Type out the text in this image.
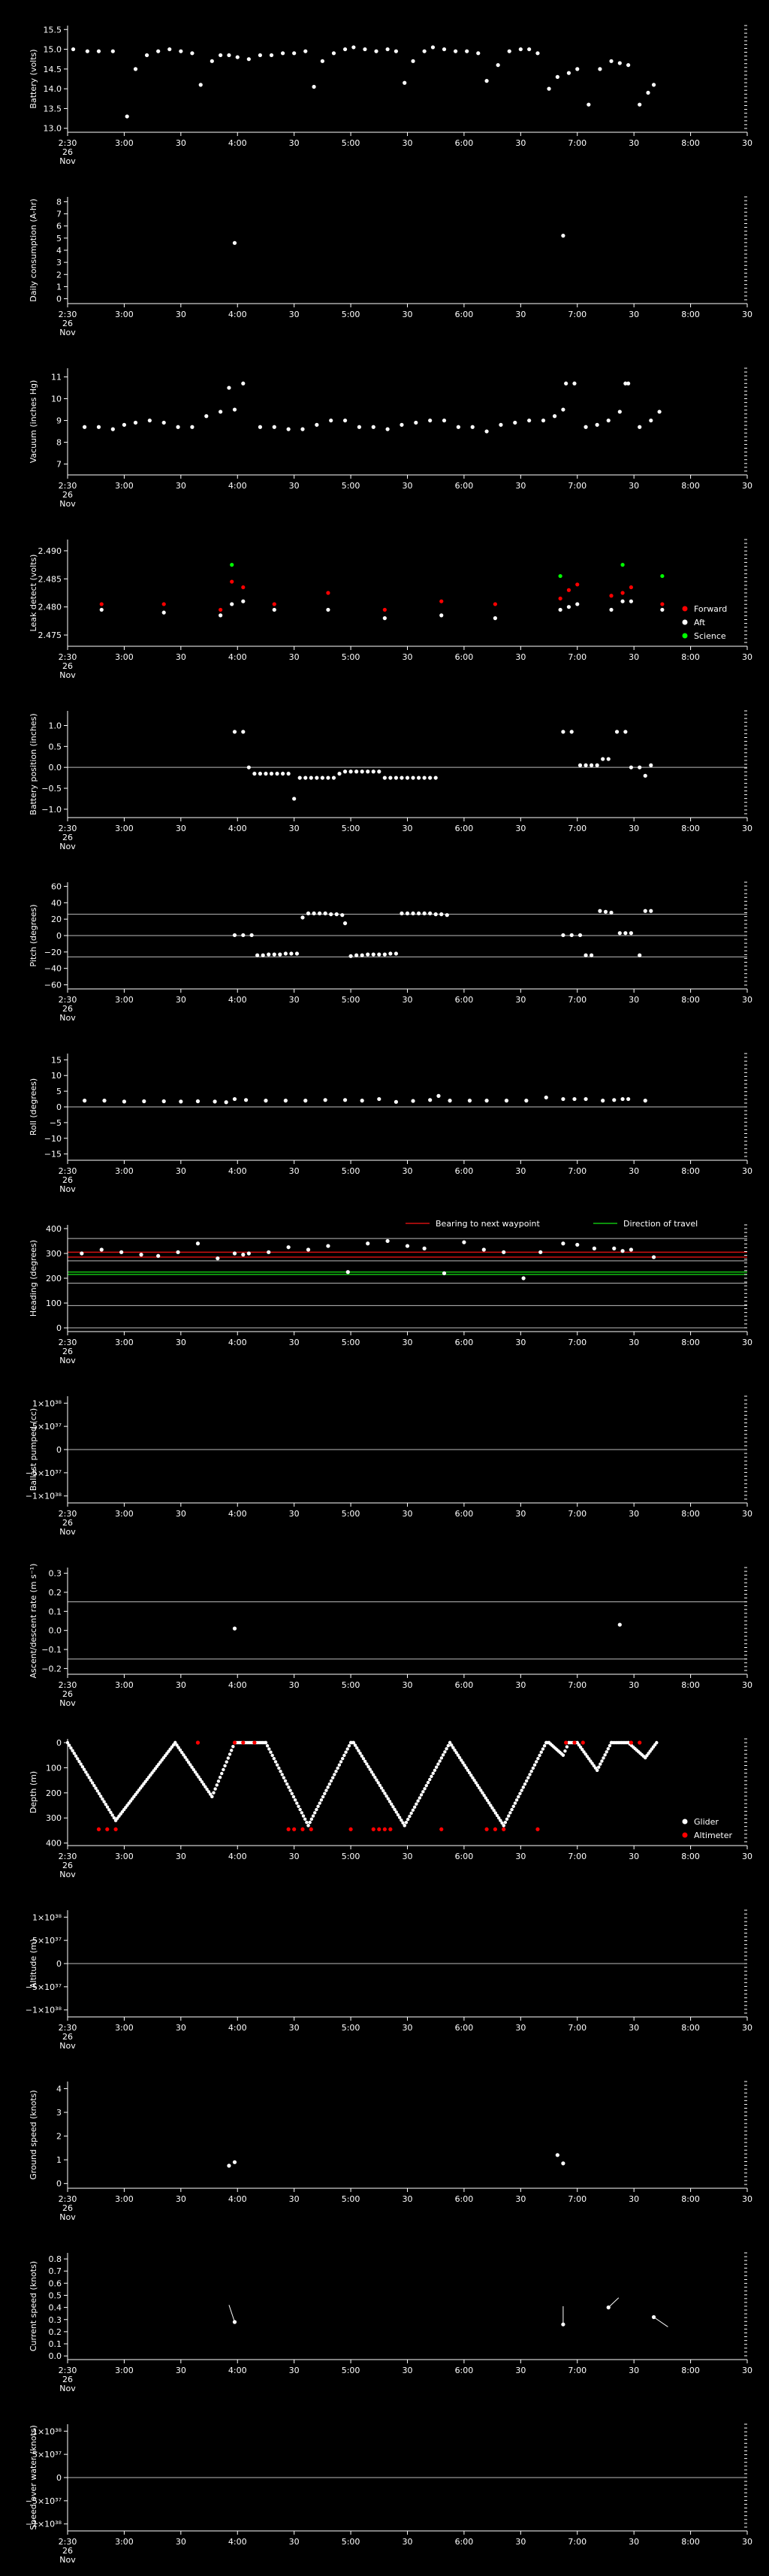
13.0
13.5
14.0
14.5
15.0
15.5
Battery (volts)
2:30
26
Nov
3:00	30	4:00	30	5:00	30	6:00	30	7:00	30	8:00	30
0
1
2
3
4
5
6
7
8
Daily consumption (A-hr)
2:30
26
Nov
3:00	30	4:00	30	5:00	30	6:00	30	7:00	30	8:00	30
7
8
9
10
11
Vacuum (inches Hg)
2:30
26
Nov
3:00	30	4:00	30	5:00	30	6:00	30	7:00	30	8:00	30
2.475
2.480
2.485
2.490
Leak detect (volts)
2:30
26
Nov
3:00	30	4:00	30	5:00	30	6:00	30	7:00	30	8:00	30
Forward
Aft
Science
−1.0
−0.5
0.0
0.5
1.0
Battery position (inches)
2:30
26
Nov
3:00	30	4:00	30	5:00	30	6:00	30	7:00	30	8:00	30
−60
−40
−20
0
20
40
60
Pitch (degrees)
2:30
26
Nov
3:00	30	4:00	30	5:00	30	6:00	30	7:00	30	8:00	30
−15
−10
−5
0
5
10
15
Roll (degrees)
2:30
26
Nov
3:00	30	4:00	30	5:00	30	6:00	30	7:00	30	8:00	30
0
100
200
300
400
Heading (degrees)
2:30
26
Nov
3:00	30	4:00	30	5:00	30	6:00	30	7:00	30	8:00	30
Bearing to next waypoint	Direction of travel
−1×10³⁸
−5×10³⁷
0
5×10³⁷
1×10³⁸
Ballast pumped (cc)
2:30
26
Nov
3:00	30	4:00	30	5:00	30	6:00	30	7:00	30	8:00	30
−0.2
−0.1
0.0
0.1
0.2
0.3
Ascent/descent rate (m s⁻¹)
2:30
26
Nov
3:00	30	4:00	30	5:00	30	6:00	30	7:00	30	8:00	30
0
100
200
300
400
Depth (m)
2:30
26
Nov
3:00	30	4:00	30	5:00	30	6:00	30	7:00	30	8:00	30
Glider
Altimeter
−1×10³⁸
−5×10³⁷
0
5×10³⁷
1×10³⁸
Altitude (m)
2:30
26
Nov
3:00	30	4:00	30	5:00	30	6:00	30	7:00	30	8:00	30
0
1
2
3
4
Ground speed (knots)
2:30
26
Nov
3:00	30	4:00	30	5:00	30	6:00	30	7:00	30	8:00	30
0.0
0.1
0.2
0.3
0.4
0.5
0.6
0.7
0.8
Current speed (knots)
2:30
26
Nov
3:00	30	4:00	30	5:00	30	6:00	30	7:00	30	8:00	30
−1×10³⁸
−5×10³⁷
0
5×10³⁷
1×10³⁸
Speed over water (knots)
2:30
26
Nov
3:00	30	4:00	30	5:00	30	6:00	30	7:00	30	8:00	30
